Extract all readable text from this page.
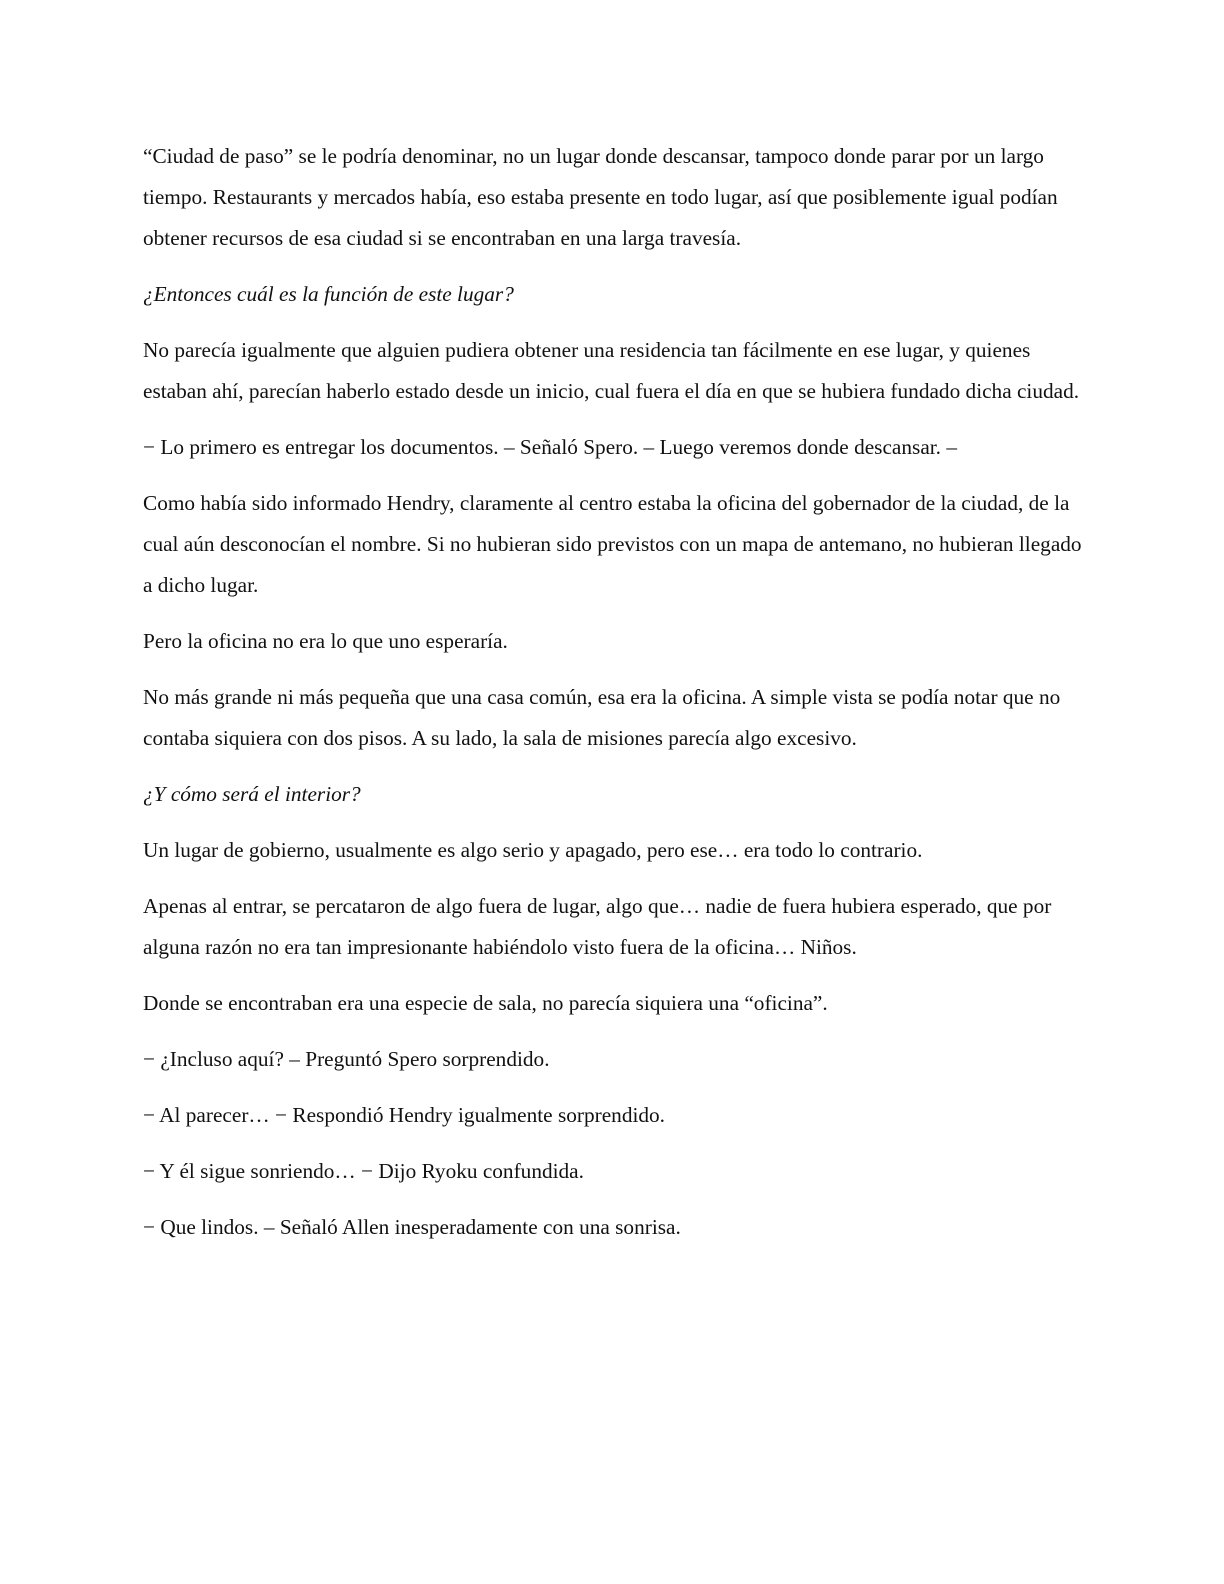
“Ciudad de paso” se le podría denominar, no un lugar donde descansar, tampoco donde parar por un largo tiempo. Restaurants y mercados había, eso estaba presente en todo lugar, así que posiblemente igual podían obtener recursos de esa ciudad si se encontraban en una larga travesía.

¿Entonces cuál es la función de este lugar?

No parecía igualmente que alguien pudiera obtener una residencia tan fácilmente en ese lugar, y quienes estaban ahí, parecían haberlo estado desde un inicio, cual fuera el día en que se hubiera fundado dicha ciudad.

− Lo primero es entregar los documentos. – Señaló Spero. – Luego veremos donde descansar. –

Como había sido informado Hendry, claramente al centro estaba la oficina del gobernador de la ciudad, de la cual aún desconocían el nombre. Si no hubieran sido previstos con un mapa de antemano, no hubieran llegado a dicho lugar.

Pero la oficina no era lo que uno esperaría.

No más grande ni más pequeña que una casa común, esa era la oficina. A simple vista se podía notar que no contaba siquiera con dos pisos. A su lado, la sala de misiones parecía algo excesivo.

¿Y cómo será el interior?

Un lugar de gobierno, usualmente es algo serio y apagado, pero ese… era todo lo contrario.

Apenas al entrar, se percataron de algo fuera de lugar, algo que… nadie de fuera hubiera esperado, que por alguna razón no era tan impresionante habiéndolo visto fuera de la oficina… Niños.

Donde se encontraban era una especie de sala, no parecía siquiera una “oficina”.

− ¿Incluso aquí? – Preguntó Spero sorprendido.

− Al parecer… − Respondió Hendry igualmente sorprendido.

− Y él sigue sonriendo… − Dijo Ryoku confundida.

− Que lindos. – Señaló Allen inesperadamente con una sonrisa.
